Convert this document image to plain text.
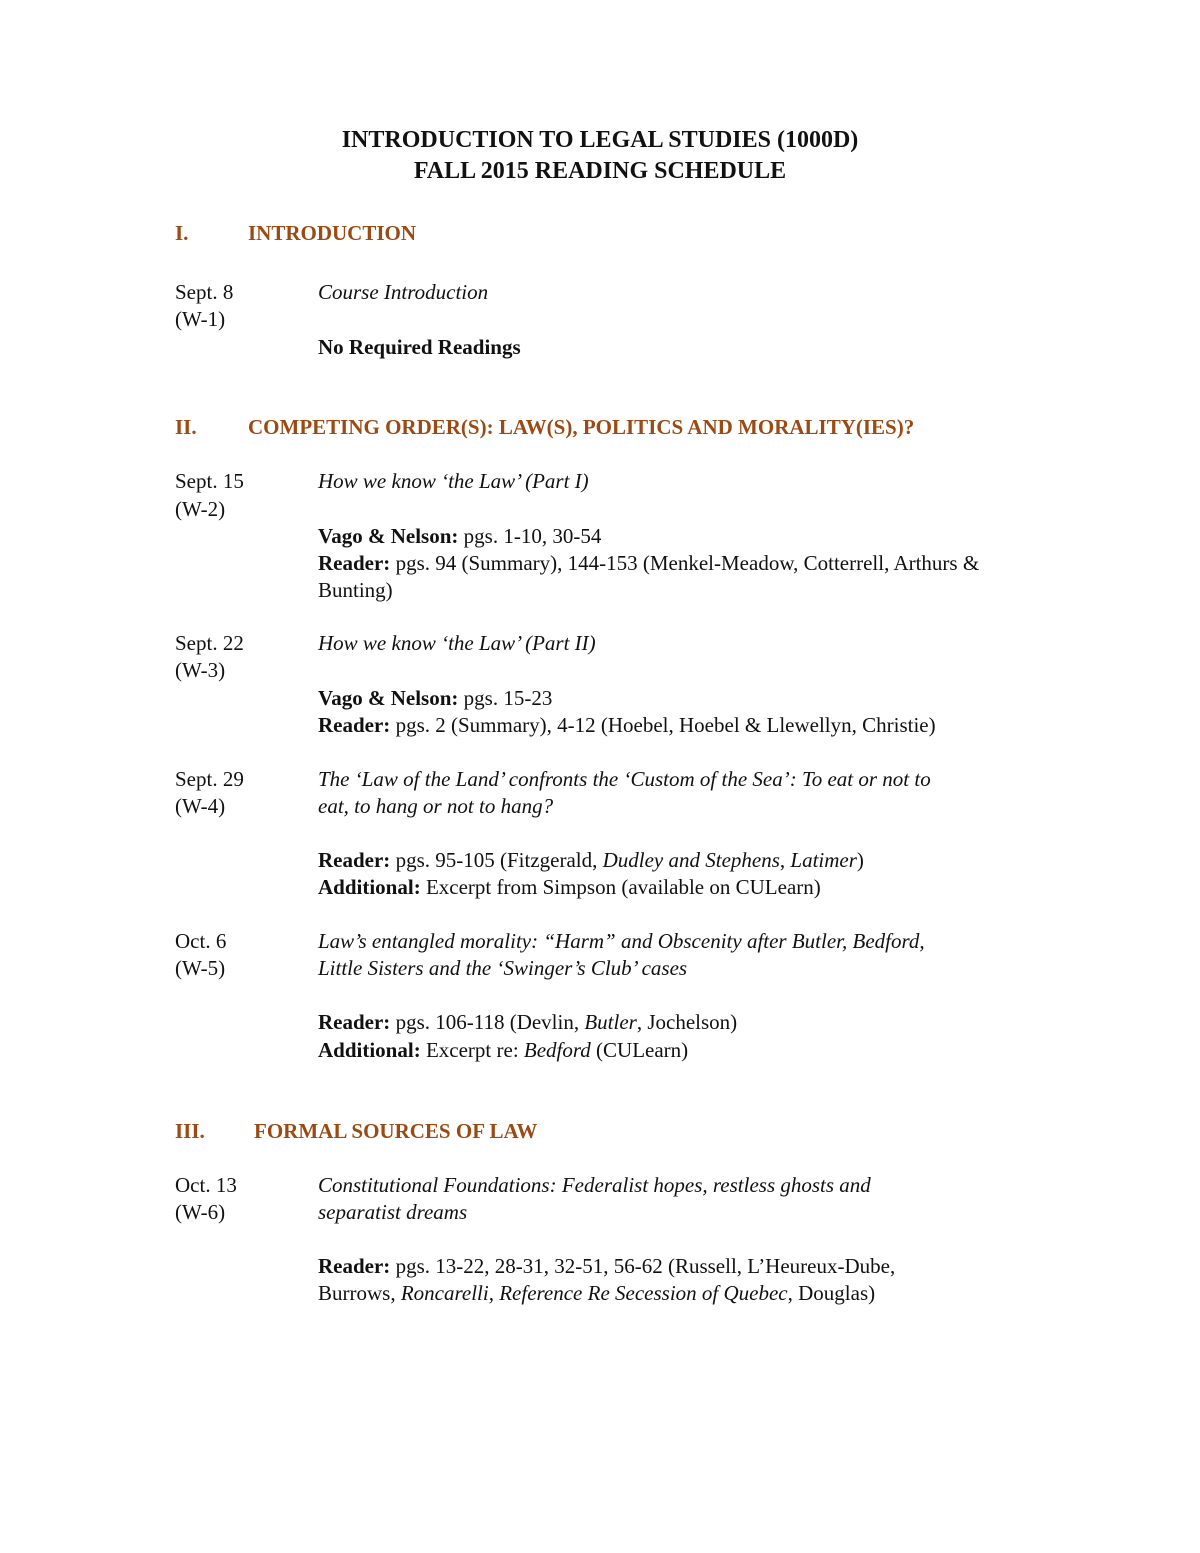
INTRODUCTION TO LEGAL STUDIES (1000D)
FALL 2015 READING SCHEDULE
I.	INTRODUCTION
Sept. 8
(W-1)
Course Introduction
No Required Readings
II. COMPETING ORDER(S): LAW(S), POLITICS AND MORALITY(IES)?
Sept. 15
(W-2)
How we know ‘the Law’ (Part I)
Vago & Nelson: pgs. 1-10, 30-54
Reader: pgs. 94 (Summary), 144-153 (Menkel-Meadow, Cotterrell, Arthurs &
Bunting)
Sept. 22
(W-3)
How we know ‘the Law’ (Part II)
Vago & Nelson: pgs. 15-23
Reader: pgs. 2 (Summary), 4-12 (Hoebel, Hoebel & Llewellyn, Christie)
Sept. 29
(W-4)
The ‘Law of the Land’ confronts the ‘Custom of the Sea’: To eat or not to
eat, to hang or not to hang?
Reader: pgs. 95-105 (Fitzgerald, Dudley and Stephens, Latimer)
Additional: Excerpt from Simpson (available on CULearn)
Oct. 6
(W-5)
Law’s entangled morality: “Harm” and Obscenity after Butler, Bedford,
Little Sisters and the ‘Swinger’s Club’ cases
Reader: pgs. 106-118 (Devlin, Butler, Jochelson)
Additional: Excerpt re: Bedford (CULearn)
III. FORMAL SOURCES OF LAW
Oct. 13
(W-6)
Constitutional Foundations: Federalist hopes, restless ghosts and
separatist dreams
Reader: pgs. 13-22, 28-31, 32-51, 56-62 (Russell, L’Heureux-Dube,
Burrows, Roncarelli, Reference Re Secession of Quebec, Douglas)
